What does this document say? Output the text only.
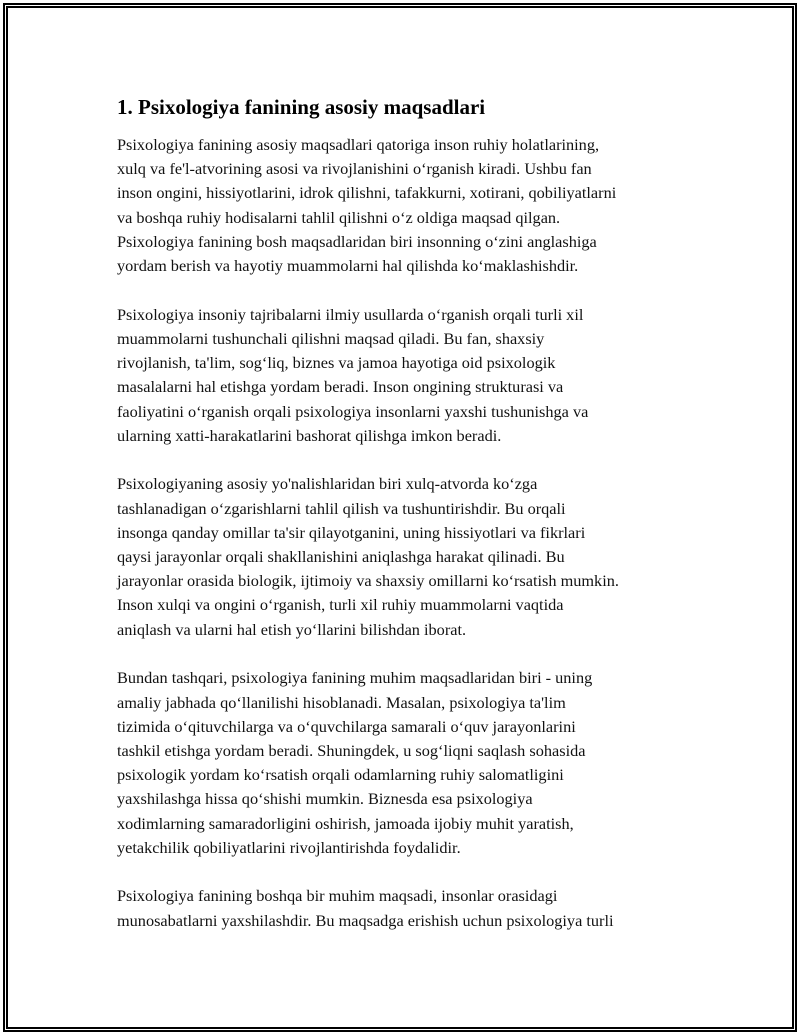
1. Psixologiya fanining asosiy maqsadlari
Psixologiya fanining asosiy maqsadlari qatoriga inson ruhiy holatlarining,
xulq va fe'l-atvorining asosi va rivojlanishini o‘rganish kiradi. Ushbu fan
inson ongini, hissiyotlarini, idrok qilishni, tafakkurni, xotirani, qobiliyatlarni
va boshqa ruhiy hodisalarni tahlil qilishni o‘z oldiga maqsad qilgan.
Psixologiya fanining bosh maqsadlaridan biri insonning o‘zini anglashiga
yordam berish va hayotiy muammolarni hal qilishda ko‘maklashishdir.
Psixologiya insoniy tajribalarni ilmiy usullarda o‘rganish orqali turli xil
muammolarni tushunchali qilishni maqsad qiladi. Bu fan, shaxsiy
rivojlanish, ta'lim, sog‘liq, biznes va jamoa hayotiga oid psixologik
masalalarni hal etishga yordam beradi. Inson ongining strukturasi va
faoliyatini o‘rganish orqali psixologiya insonlarni yaxshi tushunishga va
ularning xatti-harakatlarini bashorat qilishga imkon beradi.
Psixologiyaning asosiy yo'nalishlaridan biri xulq-atvorda ko‘zga
tashlanadigan o‘zgarishlarni tahlil qilish va tushuntirishdir. Bu orqali
insonga qanday omillar ta'sir qilayotganini, uning hissiyotlari va fikrlari
qaysi jarayonlar orqali shakllanishini aniqlashga harakat qilinadi. Bu
jarayonlar orasida biologik, ijtimoiy va shaxsiy omillarni ko‘rsatish mumkin.
Inson xulqi va ongini o‘rganish, turli xil ruhiy muammolarni vaqtida
aniqlash va ularni hal etish yo‘llarini bilishdan iborat.
Bundan tashqari, psixologiya fanining muhim maqsadlaridan biri - uning
amaliy jabhada qo‘llanilishi hisoblanadi. Masalan, psixologiya ta'lim
tizimida o‘qituvchilarga va o‘quvchilarga samarali o‘quv jarayonlarini
tashkil etishga yordam beradi. Shuningdek, u sog‘liqni saqlash sohasida
psixologik yordam ko‘rsatish orqali odamlarning ruhiy salomatligini
yaxshilashga hissa qo‘shishi mumkin. Biznesda esa psixologiya
xodimlarning samaradorligini oshirish, jamoada ijobiy muhit yaratish,
yetakchilik qobiliyatlarini rivojlantirishda foydalidir.
Psixologiya fanining boshqa bir muhim maqsadi, insonlar orasidagi
munosabatlarni yaxshilashdir. Bu maqsadga erishish uchun psixologiya turli
